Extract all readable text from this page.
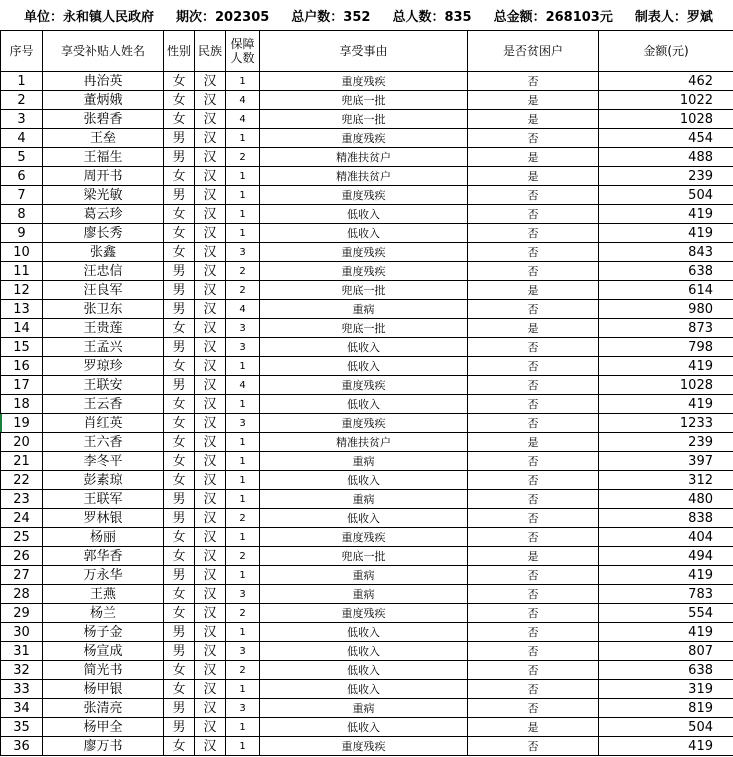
单位：永和镇人民政府 期次：202305 总户数：352 总人数：835 总金额：268103元 制表人：罗斌
序号	享受补贴人姓名	性别	民族	保障人数	享受事由	是否贫困户	金额(元)
1	冉治英	女	汉	1	重度残疾	否	462
2	董炳娥	女	汉	4	兜底一批	是	1022
3	张碧香	女	汉	4	兜底一批	是	1028
4	王垒	男	汉	1	重度残疾	否	454
5	王福生	男	汉	2	精准扶贫户	是	488
6	周开书	女	汉	1	精准扶贫户	是	239
7	梁光敏	男	汉	1	重度残疾	否	504
8	葛云珍	女	汉	1	低收入	否	419
9	廖长秀	女	汉	1	低收入	否	419
10	张鑫	女	汉	3	重度残疾	否	843
11	汪忠信	男	汉	2	重度残疾	否	638
12	汪良军	男	汉	2	兜底一批	是	614
13	张卫东	男	汉	4	重病	否	980
14	王贵莲	女	汉	3	兜底一批	是	873
15	王孟兴	男	汉	3	低收入	否	798
16	罗琼珍	女	汉	1	低收入	否	419
17	王联安	男	汉	4	重度残疾	否	1028
18	王云香	女	汉	1	低收入	否	419
19	肖红英	女	汉	3	重度残疾	否	1233
20	王六香	女	汉	1	精准扶贫户	是	239
21	李冬平	女	汉	1	重病	否	397
22	彭素琼	女	汉	1	低收入	否	312
23	王联军	男	汉	1	重病	否	480
24	罗林银	男	汉	2	低收入	否	838
25	杨丽	女	汉	1	重度残疾	否	404
26	郭华香	女	汉	2	兜底一批	是	494
27	万永华	男	汉	1	重病	否	419
28	王燕	女	汉	3	重病	否	783
29	杨兰	女	汉	2	重度残疾	否	554
30	杨子金	男	汉	1	低收入	否	419
31	杨宣成	男	汉	3	低收入	否	807
32	简光书	女	汉	2	低收入	否	638
33	杨甲银	女	汉	1	低收入	否	319
34	张清亮	男	汉	3	重病	否	819
35	杨甲全	男	汉	1	低收入	是	504
36	廖万书	女	汉	1	重度残疾	否	419
